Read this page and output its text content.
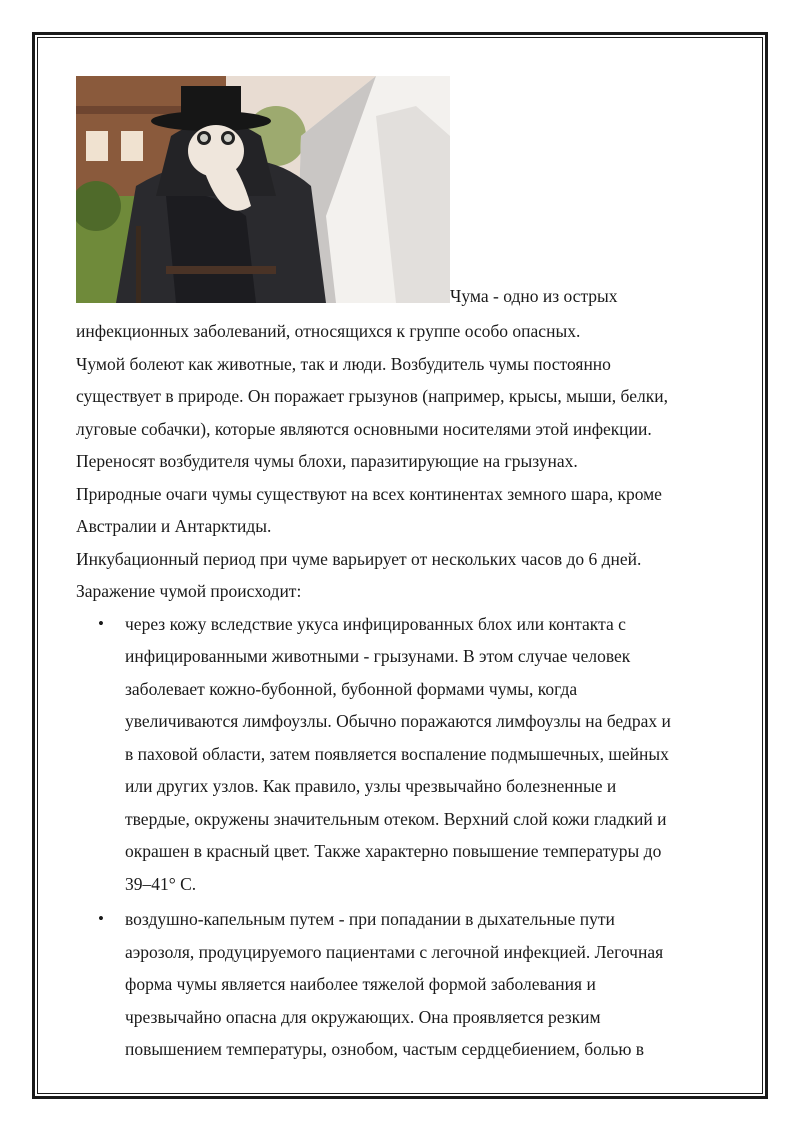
Чума - одно из острых
инфекционных заболеваний, относящихся к группе особо опасных.
Чумой болеют как животные, так и люди. Возбудитель чумы постоянно
существует в природе. Он поражает грызунов (например, крысы, мыши, белки,
луговые собачки), которые являются основными носителями этой инфекции.
Переносят возбудителя чумы блохи, паразитирующие на грызунах.
Природные очаги чумы существуют на всех континентах земного шара, кроме
Австралии и Антарктиды.
Инкубационный период при чуме варьирует от нескольких часов до 6 дней.
Заражение чумой происходит:
• через кожу вследствие укуса инфицированных блох или контакта с
инфицированными животными - грызунами. В этом случае человек
заболевает кожно-бубонной, бубонной формами чумы, когда
увеличиваются лимфоузлы. Обычно поражаются лимфоузлы на бедрах и
в паховой области, затем появляется воспаление подмышечных, шейных
или других узлов. Как правило, узлы чрезвычайно болезненные и
твердые, окружены значительным отеком. Верхний слой кожи гладкий и
окрашен в красный цвет. Также характерно повышение температуры до
39–41° С.
• воздушно-капельным путем - при попадании в дыхательные пути
аэрозоля, продуцируемого пациентами с легочной инфекцией. Легочная
форма чумы является наиболее тяжелой формой заболевания и
чрезвычайно опасна для окружающих. Она проявляется резким
повышением температуры, ознобом, частым сердцебиением, болью в
